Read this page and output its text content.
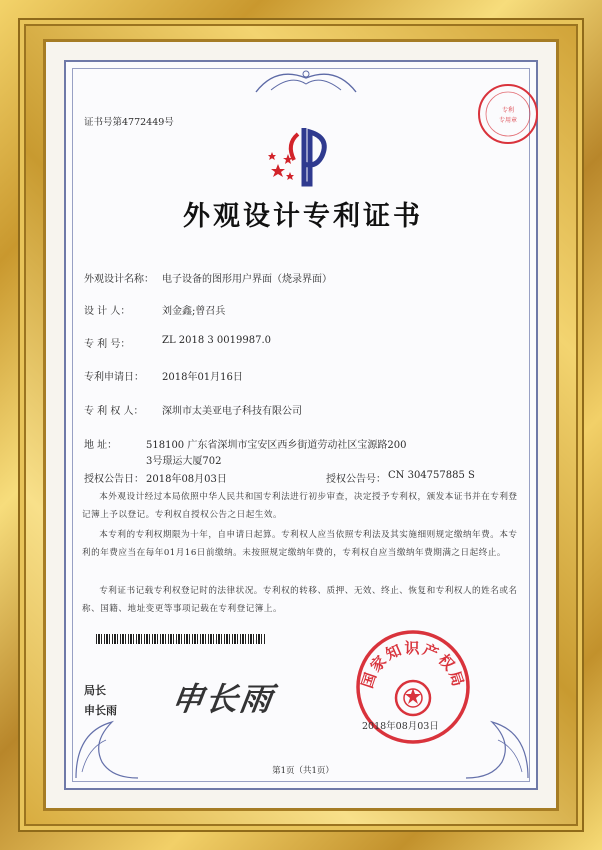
证书号第4772449号
专利
专用章
外观设计专利证书
外观设计名称： 电子设备的图形用户界面（烧录界面）
设 计 人：	刘金鑫;曾召兵
专 利 号：	ZL 2018 3 0019987.0
专利申请日： 2018年01月16日
专 利 权 人： 深圳市太美亚电子科技有限公司
地 址：	518100 广东省深圳市宝安区西乡街道劳动社区宝源路200
3号璟运大厦702
授权公告日： 2018年08月03日	授权公告号： CN 304757885 S
本外观设计经过本局依照中华人民共和国专利法进行初步审查，决定授予专利权，颁发本证书并在专利登记簿上予以登记。专利权自授权公告之日起生效。
本专利的专利权期限为十年，自申请日起算。专利权人应当依照专利法及其实施细则规定缴纳年费。本专利的年费应当在每年01月16日前缴纳。未按照规定缴纳年费的，专利权自应当缴纳年费期满之日起终止。
专利证书记载专利权登记时的法律状况。专利权的转移、质押、无效、终止、恢复和专利权人的姓名或名称、国籍、地址变更等事项记载在专利登记簿上。
局长
申长雨 申长雨
国家知识产权局
2018年08月03日
第1页（共1页）
